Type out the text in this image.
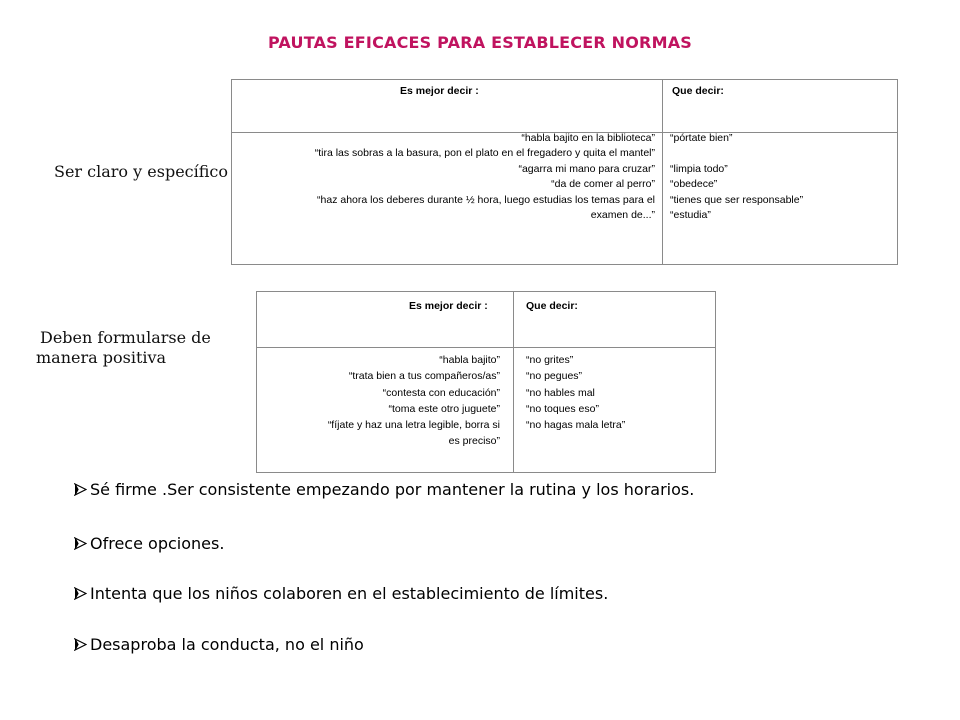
PAUTAS EFICACES PARA ESTABLECER NORMAS
Ser claro y específico
Es mejor decir :	Que decir:
“habla bajito en la biblioteca”
“tira las sobras a la basura, pon el plato en el fregadero y quita el mantel”
“agarra mi mano para cruzar”
“da de comer al perro”
“haz ahora los deberes durante ½ hora, luego estudias los temas para el
examen de...”
“pórtate bien”
“limpia todo”
“obedece”
“tienes que ser responsable”
“estudia”
Deben formularse de
manera positiva
Es mejor decir :	Que decir:
“habla bajito”
“trata bien a tus compañeros/as”
“contesta con educación”
“toma este otro juguete”
“fíjate y haz una letra legible, borra si
es preciso”
“no grites”
“no pegues”
“no hables mal
“no toques eso”
“no hagas mala letra”
Sé firme .Ser consistente empezando por mantener la rutina y los horarios.
Ofrece opciones.
Intenta que los niños colaboren en el establecimiento de límites.
Desaproba la conducta, no el niño
